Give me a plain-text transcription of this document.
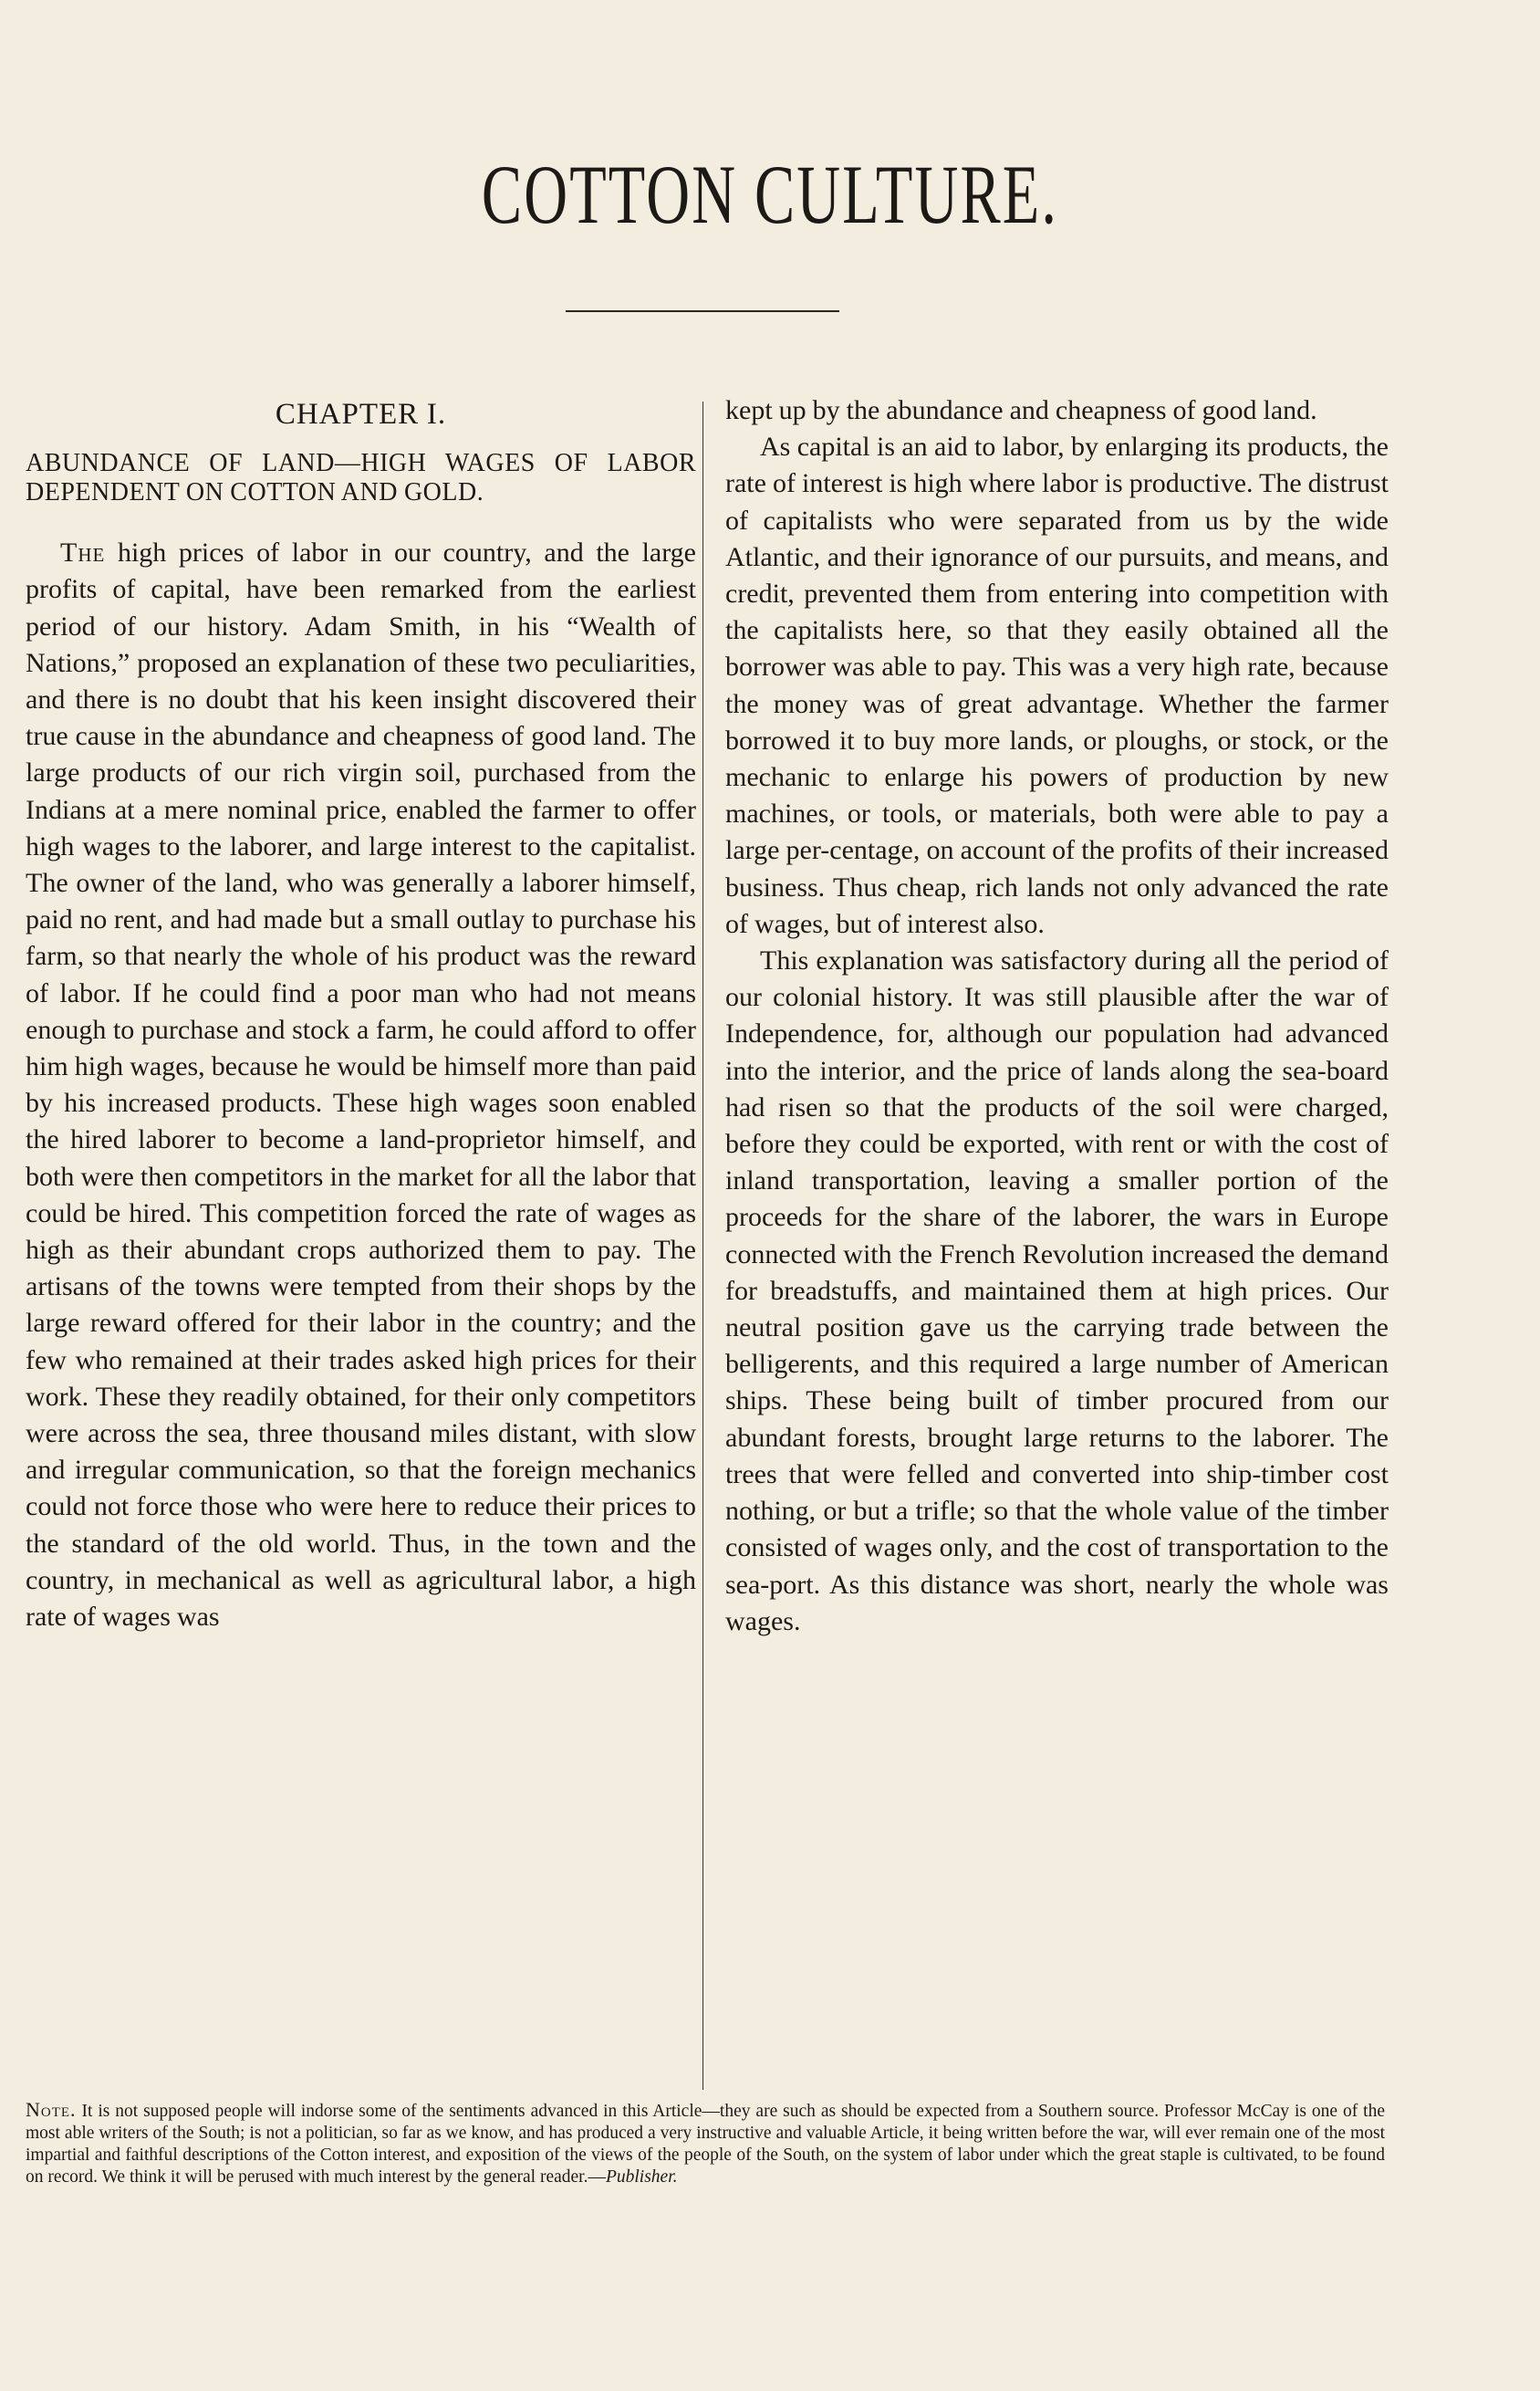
COTTON CULTURE.
CHAPTER I.
ABUNDANCE OF LAND—HIGH WAGES OF LABOR DEPENDENT ON COTTON AND GOLD.

The high prices of labor in our country, and the large profits of capital, have been remarked from the earliest period of our history. Adam Smith, in his “Wealth of Nations,” proposed an explanation of these two peculiarities, and there is no doubt that his keen insight discovered their true cause in the abundance and cheapness of good land. The large products of our rich virgin soil, purchased from the Indians at a mere nominal price, enabled the farmer to offer high wages to the laborer, and large interest to the capitalist. The owner of the land, who was generally a laborer himself, paid no rent, and had made but a small outlay to purchase his farm, so that nearly the whole of his product was the reward of labor. If he could find a poor man who had not means enough to purchase and stock a farm, he could afford to offer him high wages, because he would be himself more than paid by his increased products. These high wages soon enabled the hired laborer to become a land-proprietor himself, and both were then competitors in the market for all the labor that could be hired. This competition forced the rate of wages as high as their abundant crops authorized them to pay. The artisans of the towns were tempted from their shops by the large reward offered for their labor in the country; and the few who remained at their trades asked high prices for their work. These they readily obtained, for their only competitors were across the sea, three thousand miles distant, with slow and irregular communication, so that the foreign mechanics could not force those who were here to reduce their prices to the standard of the old world. Thus, in the town and the country, in mechanical as well as agricultural labor, a high rate of wages was

kept up by the abundance and cheapness of good land.

As capital is an aid to labor, by enlarging its products, the rate of interest is high where labor is productive. The distrust of capitalists who were separated from us by the wide Atlantic, and their ignorance of our pursuits, and means, and credit, prevented them from entering into competition with the capitalists here, so that they easily obtained all the borrower was able to pay. This was a very high rate, because the money was of great advantage. Whether the farmer borrowed it to buy more lands, or ploughs, or stock, or the mechanic to enlarge his powers of production by new machines, or tools, or materials, both were able to pay a large per-centage, on account of the profits of their increased business. Thus cheap, rich lands not only advanced the rate of wages, but of interest also.

This explanation was satisfactory during all the period of our colonial history. It was still plausible after the war of Independence, for, although our population had advanced into the interior, and the price of lands along the sea-board had risen so that the products of the soil were charged, before they could be exported, with rent or with the cost of inland transportation, leaving a smaller portion of the proceeds for the share of the laborer, the wars in Europe connected with the French Revolution increased the demand for breadstuffs, and maintained them at high prices. Our neutral position gave us the carrying trade between the belligerents, and this required a large number of American ships. These being built of timber procured from our abundant forests, brought large returns to the laborer. The trees that were felled and converted into ship-timber cost nothing, or but a trifle; so that the whole value of the timber consisted of wages only, and the cost of transportation to the sea-port. As this distance was short, nearly the whole was wages.

Note. It is not supposed people will indorse some of the sentiments advanced in this Article—they are such as should be expected from a Southern source. Professor McCay is one of the most able writers of the South; is not a politician, so far as we know, and has produced a very instructive and valuable Article, it being written before the war, will ever remain one of the most impartial and faithful descriptions of the Cotton interest, and exposition of the views of the people of the South, on the system of labor under which the great staple is cultivated, to be found on record. We think it will be perused with much interest by the general reader.—Publisher.
